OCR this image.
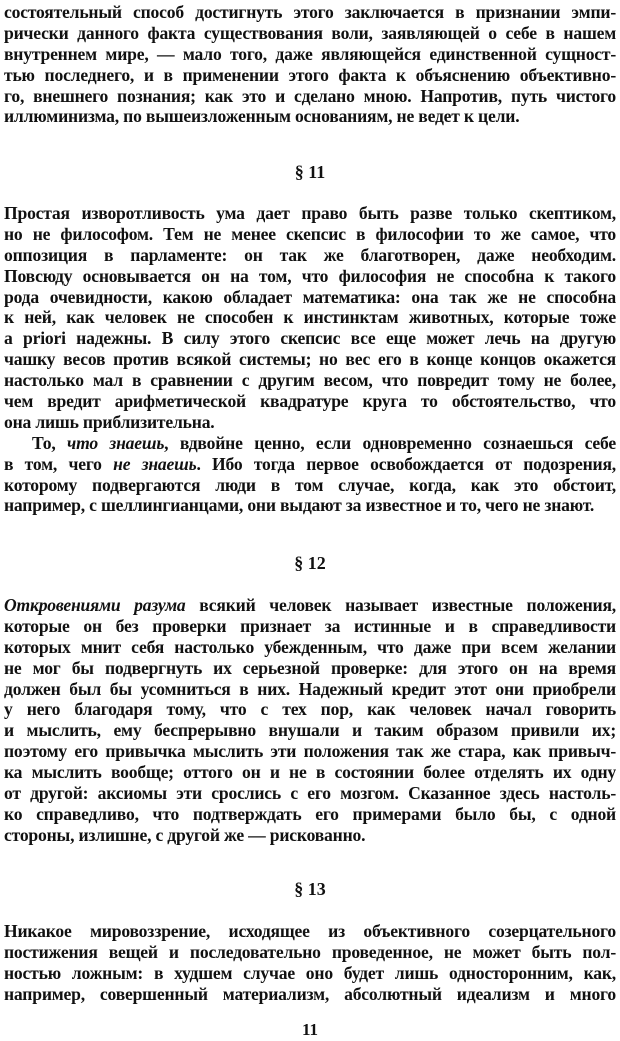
состоятельный способ достигнуть этого заключается в признании эмпи-
рически данного факта существования воли, заявляющей о себе в нашем
внутреннем мире, — мало того, даже являющейся единственной сущност-
тью последнего, и в применении этого факта к объяснению объективно-
го, внешнего познания; как это и сделано мною. Напротив, путь чистого
иллюминизма, по вышеизложенным основаниям, не ведет к цели.
§ 11
Простая изворотливость ума дает право быть разве только скептиком,
но не философом. Тем не менее скепсис в философии то же самое, что
оппозиция в парламенте: он так же благотворен, даже необходим.
Повсюду основывается он на том, что философия не способна к такого
рода очевидности, какою обладает математика: она так же не способна
к ней, как человек не способен к инстинктам животных, которые тоже
a priori надежны. В силу этого скепсис все еще может лечь на другую
чашку весов против всякой системы; но вес его в конце концов окажется
настолько мал в сравнении с другим весом, что повредит тому не более,
чем вредит арифметической квадратуре круга то обстоятельство, что
она лишь приблизительна.
То, что знаешь, вдвойне ценно, если одновременно сознаешься себе
в том, чего не знаешь. Ибо тогда первое освобождается от подозрения,
которому подвергаются люди в том случае, когда, как это обстоит,
например, с шеллингианцами, они выдают за известное и то, чего не знают.
§ 12
Откровениями разума всякий человек называет известные положения,
которые он без проверки признает за истинные и в справедливости
которых мнит себя настолько убежденным, что даже при всем желании
не мог бы подвергнуть их серьезной проверке: для этого он на время
должен был бы усомниться в них. Надежный кредит этот они приобрели
у него благодаря тому, что с тех пор, как человек начал говорить
и мыслить, ему беспрерывно внушали и таким образом привили их;
поэтому его привычка мыслить эти положения так же стара, как привыч-
ка мыслить вообще; оттого он и не в состоянии более отделять их одну
от другой: аксиомы эти срослись с его мозгом. Сказанное здесь настоль-
ко справедливо, что подтверждать его примерами было бы, с одной
стороны, излишне, с другой же — рискованно.
§ 13
Никакое мировоззрение, исходящее из объективного созерцательного
постижения вещей и последовательно проведенное, не может быть пол-
ностью ложным: в худшем случае оно будет лишь односторонним, как,
например, совершенный материализм, абсолютный идеализм и много
11
